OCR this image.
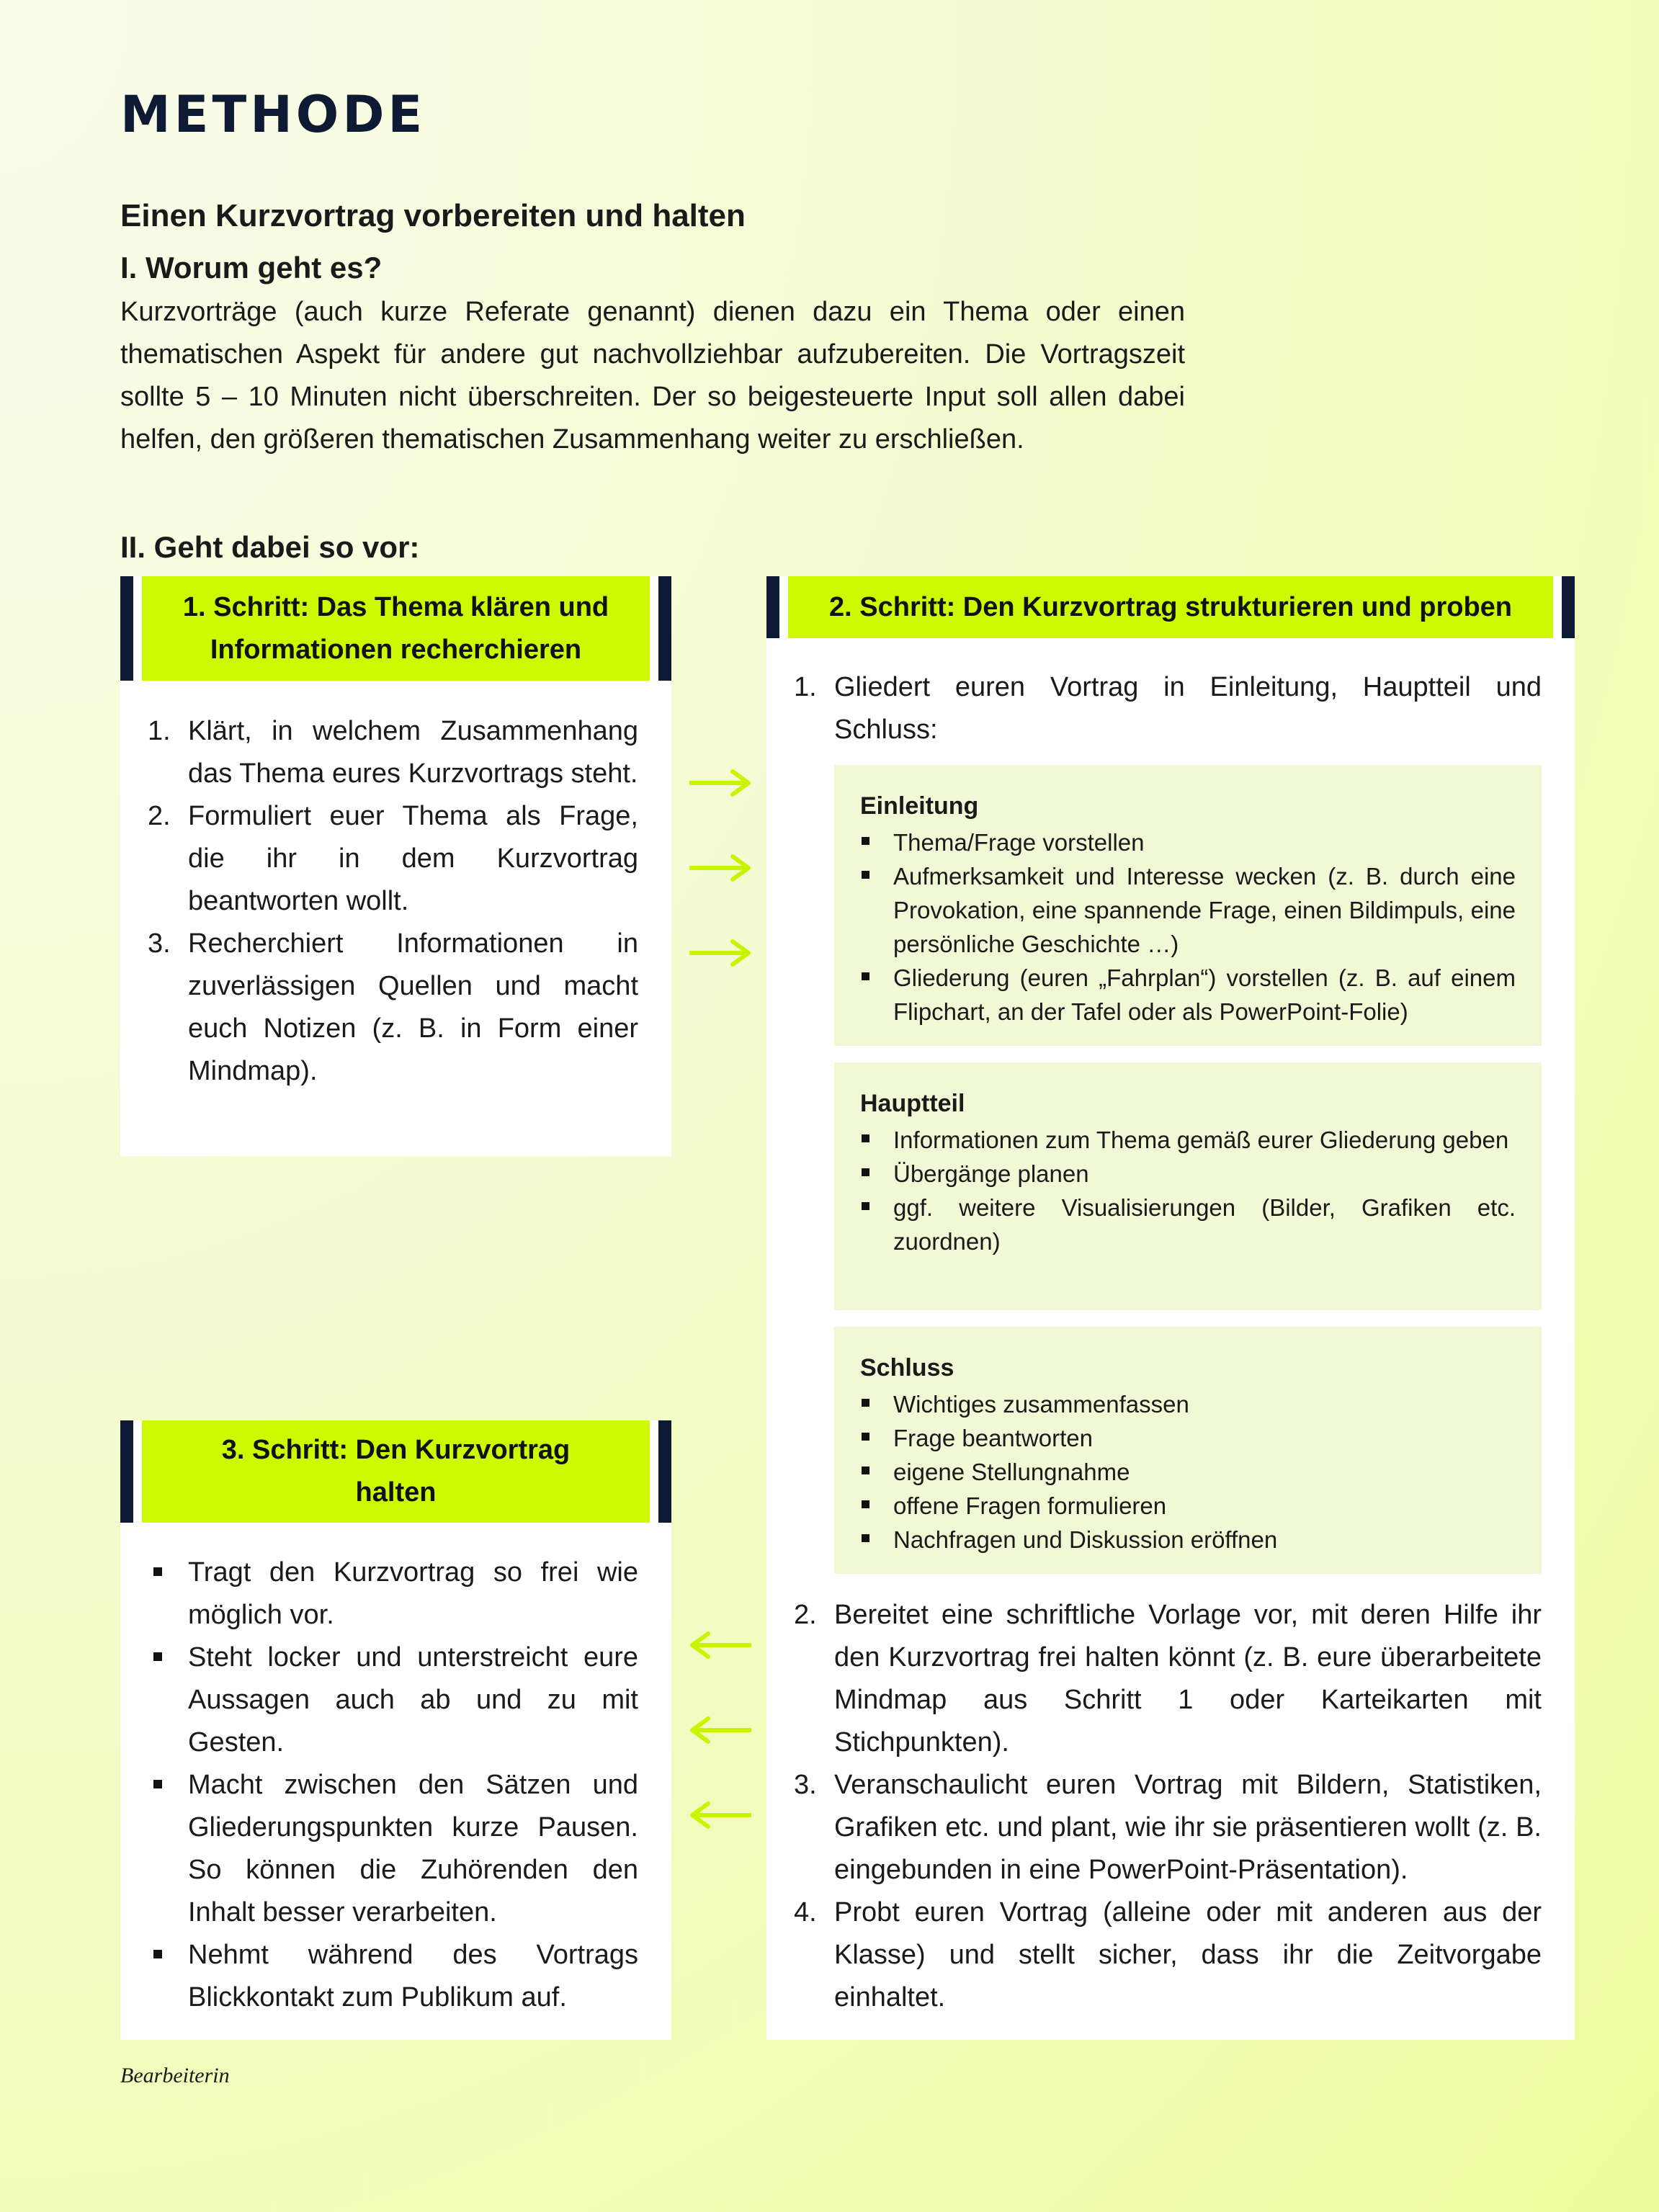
METHODE
Einen Kurzvortrag vorbereiten und halten
I. Worum geht es?
Kurzvorträge (auch kurze Referate genannt) dienen dazu ein Thema oder einen thematischen Aspekt für andere gut nachvollziehbar aufzubereiten. Die Vortragszeit sollte 5 – 10 Minuten nicht überschreiten. Der so beigesteuerte Input soll allen dabei helfen, den größeren thematischen Zusammenhang weiter zu erschließen.
II. Geht dabei so vor:
1. Schritt: Das Thema klären und
Informationen recherchieren
1. Klärt, in welchem Zusammenhang das Thema eures Kurzvortrags steht.
2. Formuliert euer Thema als Frage, die ihr in dem Kurzvortrag beantworten wollt.
3. Recherchiert Informationen in zuverlässigen Quellen und macht euch Notizen (z. B. in Form einer Mindmap).
3. Schritt: Den Kurzvortrag
halten
Tragt den Kurzvortrag so frei wie möglich vor.
Steht locker und unterstreicht eure Aussagen auch ab und zu mit Gesten.
Macht zwischen den Sätzen und Gliederungspunkten kurze Pausen. So können die Zuhörenden den Inhalt besser verarbeiten.
Nehmt während des Vortrags Blickkontakt zum Publikum auf.
2. Schritt: Den Kurzvortrag strukturieren und proben
1. Gliedert euren Vortrag in Einleitung, Hauptteil und Schluss:
Einleitung
Thema/Frage vorstellen
Aufmerksamkeit und Interesse wecken (z. B. durch eine Provokation, eine spannende Frage, einen Bildimpuls, eine persönliche Geschichte …)
Gliederung (euren „Fahrplan“) vorstellen (z. B. auf einem Flipchart, an der Tafel oder als PowerPoint-Folie)
Hauptteil
Informationen zum Thema gemäß eurer Gliederung geben
Übergänge planen
ggf. weitere Visualisierungen (Bilder, Grafiken etc. zuordnen)
Schluss
Wichtiges zusammenfassen
Frage beantworten
eigene Stellungnahme
offene Fragen formulieren
Nachfragen und Diskussion eröffnen
2. Bereitet eine schriftliche Vorlage vor, mit deren Hilfe ihr den Kurzvortrag frei halten könnt (z. B. eure überarbeitete Mindmap aus Schritt 1 oder Karteikarten mit Stichpunkten).
3. Veranschaulicht euren Vortrag mit Bildern, Statistiken, Grafiken etc. und plant, wie ihr sie präsentieren wollt (z. B. eingebunden in eine PowerPoint-Präsentation).
4. Probt euren Vortrag (alleine oder mit anderen aus der Klasse) und stellt sicher, dass ihr die Zeitvorgabe einhaltet.
Bearbeiterin
